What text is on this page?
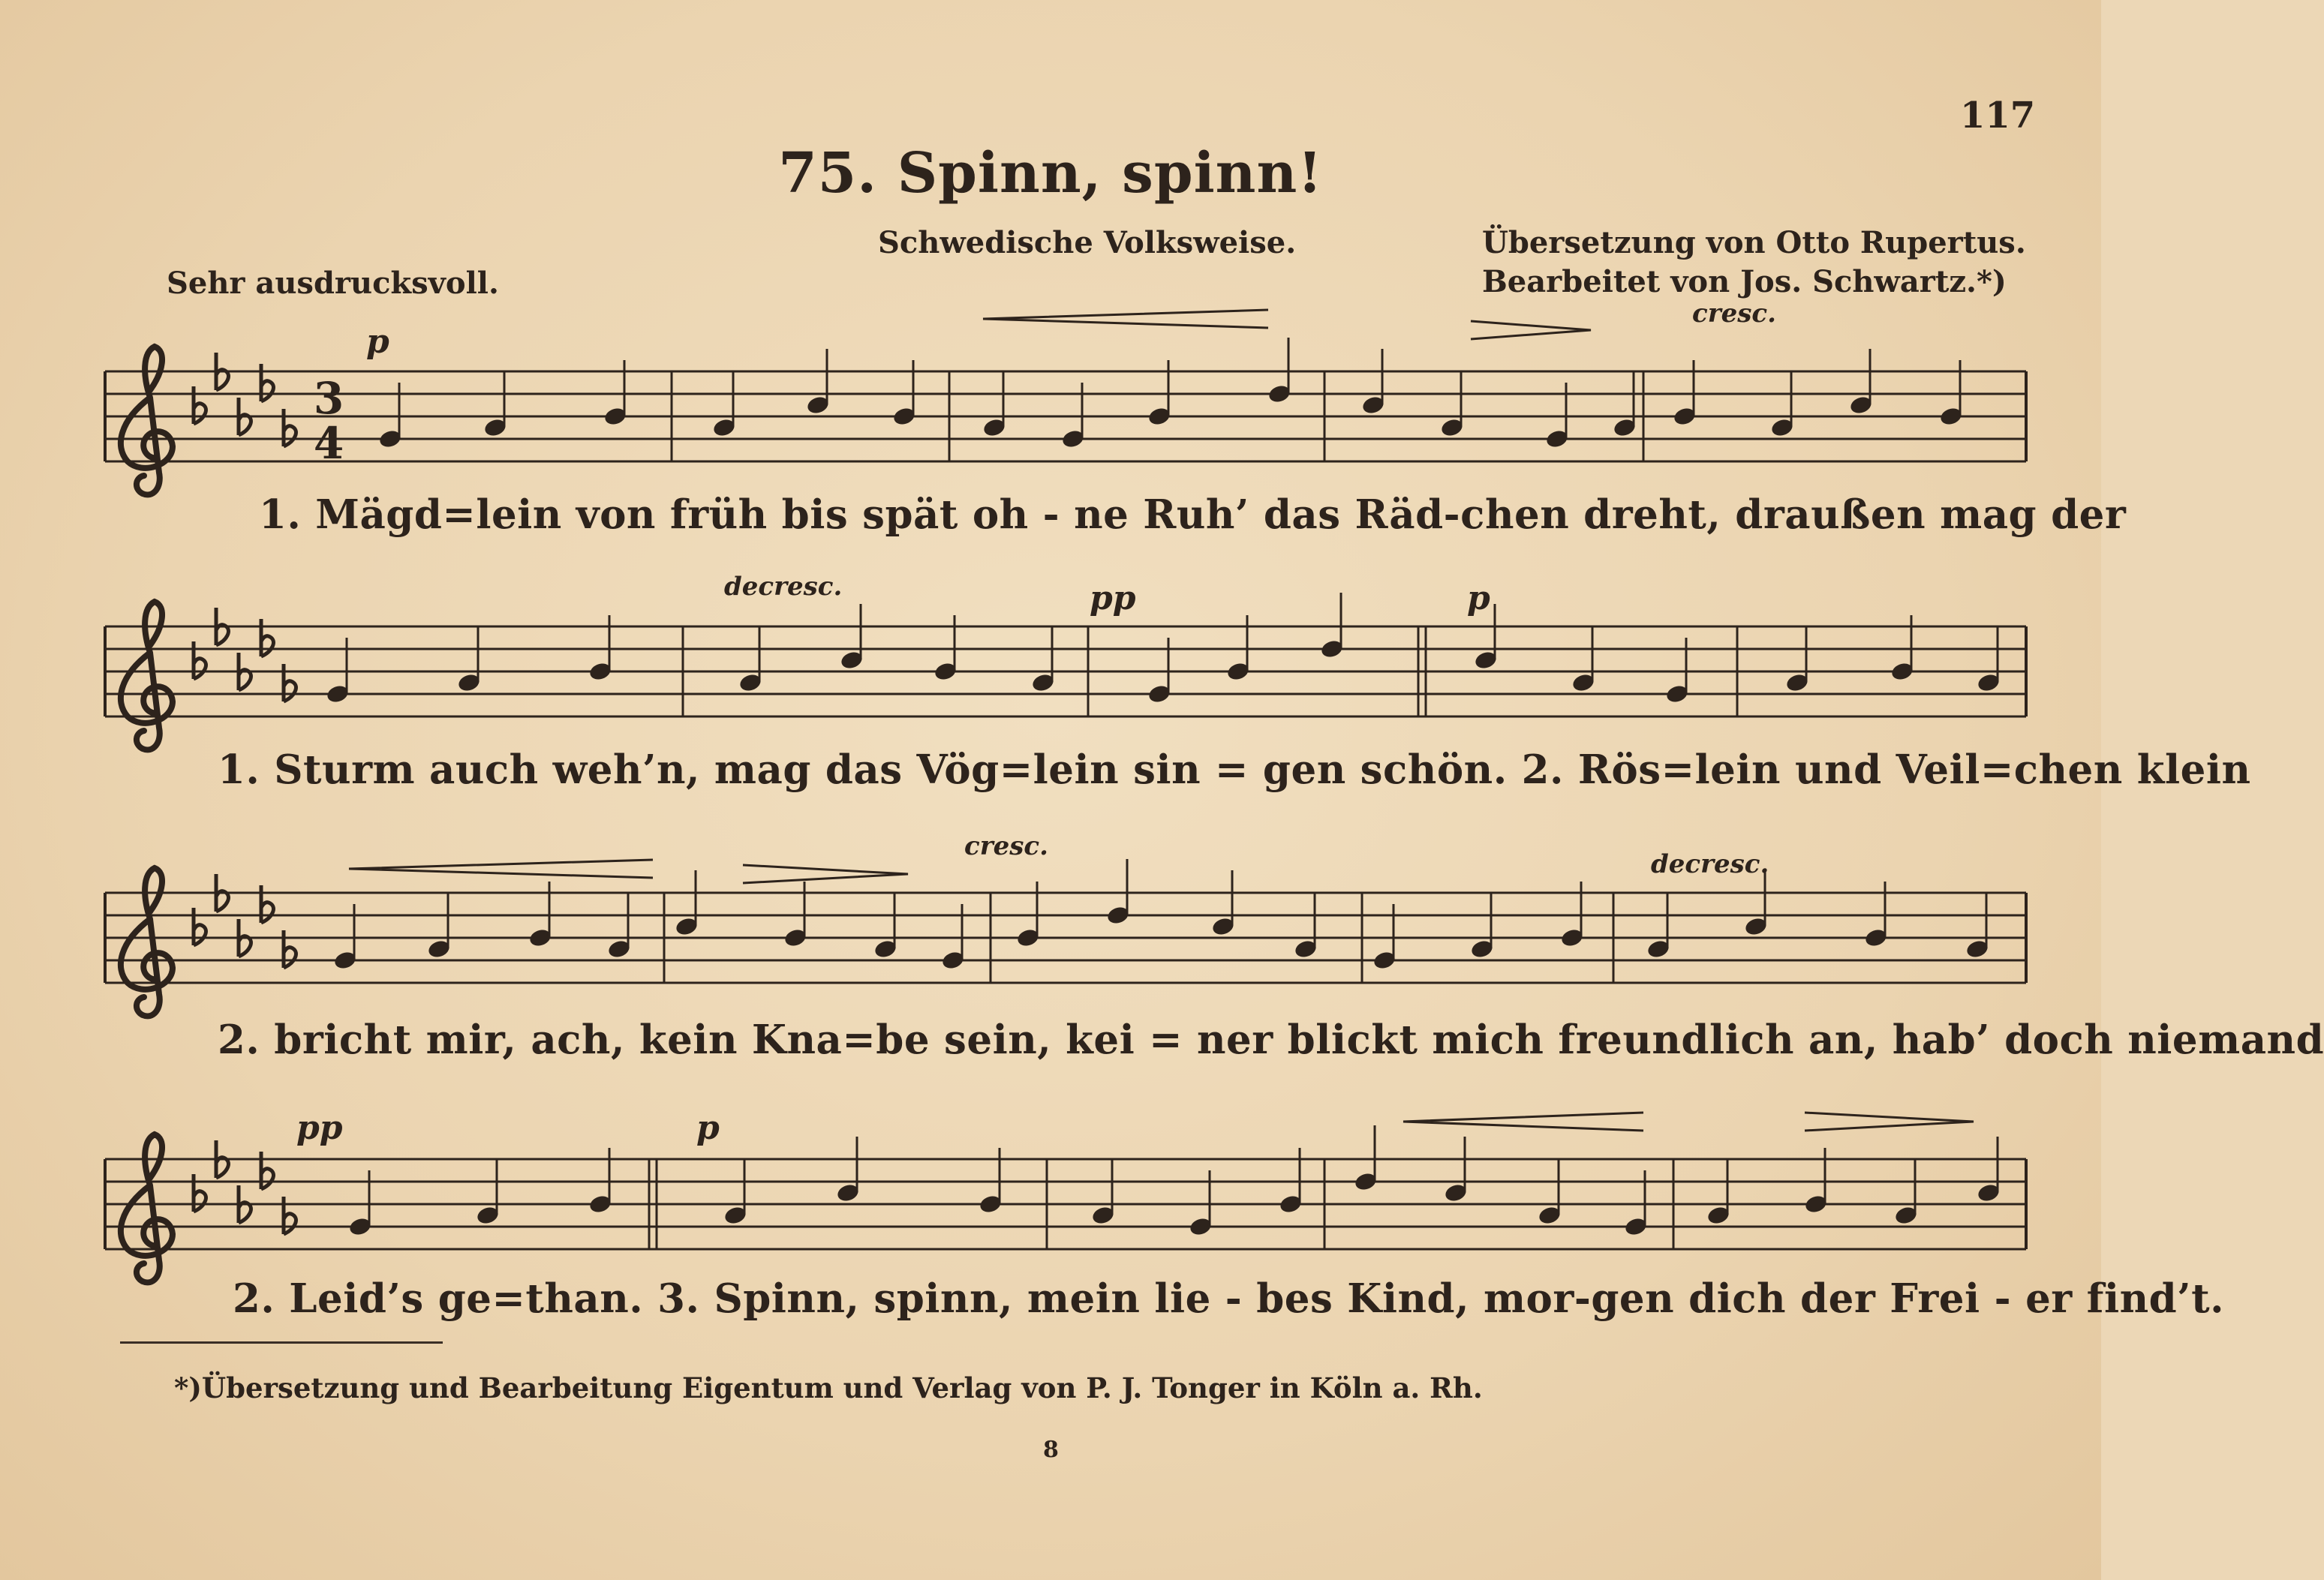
3
4
117
75. Spinn, spinn!
Schwedische Volksweise.	Übersetzung von Otto Rupertus.
Bearbeitet von Jos. Schwartz.*)
Sehr ausdrucksvoll.
p
cresc.
decresc.	pp	p
cresc.
decresc.
pp	p
1. Mägd=lein von früh bis spät oh ‐ ne Ruh’ das Räd‐chen dreht, draußen mag der
1. Sturm auch weh’n, mag das Vög=lein sin = gen schön. 2. Rös=lein und Veil=chen klein
2. bricht mir, ach, kein Kna=be sein, kei = ner blickt mich freundlich an, hab’ doch niemand
2. Leid’s ge=than. 3. Spinn, spinn, mein lie ‐ bes Kind, mor‐gen dich der Frei ‐ er find’t.
*)Übersetzung und Bearbeitung Eigentum und Verlag von P. J. Tonger in Köln a. Rh.
8
